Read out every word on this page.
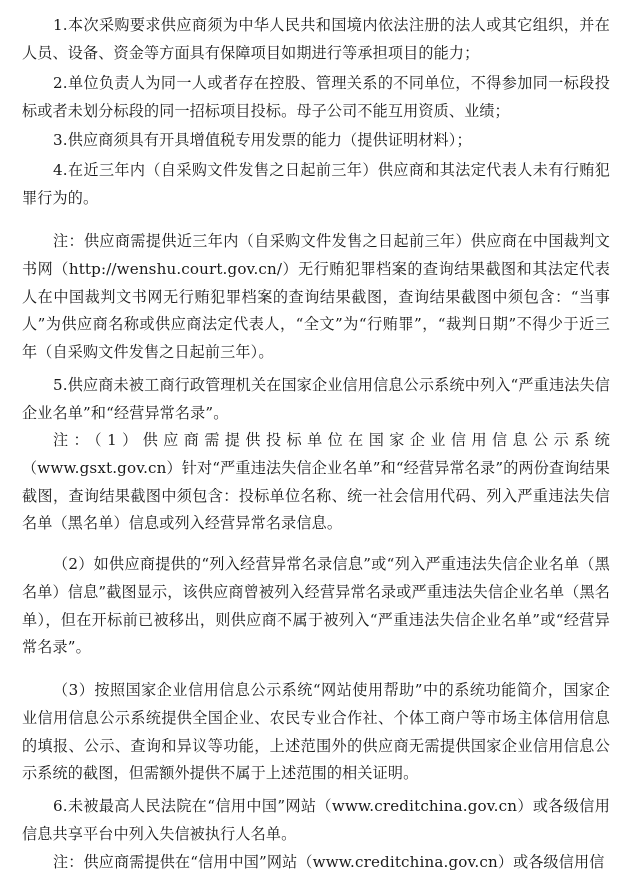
1.本次采购要求供应商须为中华人民共和国境内依法注册的法人或其它组织，并在人员、设备、资金等方面具有保障项目如期进行等承担项目的能力；

2.单位负责人为同一人或者存在控股、管理关系的不同单位，不得参加同一标段投标或者未划分标段的同一招标项目投标。母子公司不能互用资质、业绩；

3.供应商须具有开具增值税专用发票的能力（提供证明材料）；

4.在近三年内（自采购文件发售之日起前三年）供应商和其法定代表人未有行贿犯罪行为的。

注：供应商需提供近三年内（自采购文件发售之日起前三年）供应商在中国裁判文书网（http://wenshu.court.gov.cn/）无行贿犯罪档案的查询结果截图和其法定代表人在中国裁判文书网无行贿犯罪档案的查询结果截图，查询结果截图中须包含：“当事人”为供应商名称或供应商法定代表人，“全文”为“行贿罪”，“裁判日期”不得少于近三年（自采购文件发售之日起前三年）。

5.供应商未被工商行政管理机关在国家企业信用信息公示系统中列入“严重违法失信企业名单”和“经营异常名录”。

注：（1）供应商需提供投标单位在国家企业信用信息公示系统（www.gsxt.gov.cn）针对“严重违法失信企业名单”和“经营异常名录”的两份查询结果截图，查询结果截图中须包含：投标单位名称、统一社会信用代码、列入严重违法失信名单（黑名单）信息或列入经营异常名录信息。

（2）如供应商提供的“列入经营异常名录信息”或“列入严重违法失信企业名单（黑名单）信息”截图显示，该供应商曾被列入经营异常名录或严重违法失信企业名单（黑名单），但在开标前已被移出，则供应商不属于被列入“严重违法失信企业名单”或“经营异常名录”。

（3）按照国家企业信用信息公示系统“网站使用帮助”中的系统功能简介，国家企业信用信息公示系统提供全国企业、农民专业合作社、个体工商户等市场主体信用信息的填报、公示、查询和异议等功能，上述范围外的供应商无需提供国家企业信用信息公示系统的截图，但需额外提供不属于上述范围的相关证明。

6.未被最高人民法院在“信用中国”网站（www.creditchina.gov.cn）或各级信用信息共享平台中列入失信被执行人名单。

注：供应商需提供在“信用中国”网站（www.creditchina.gov.cn）或各级信用信
